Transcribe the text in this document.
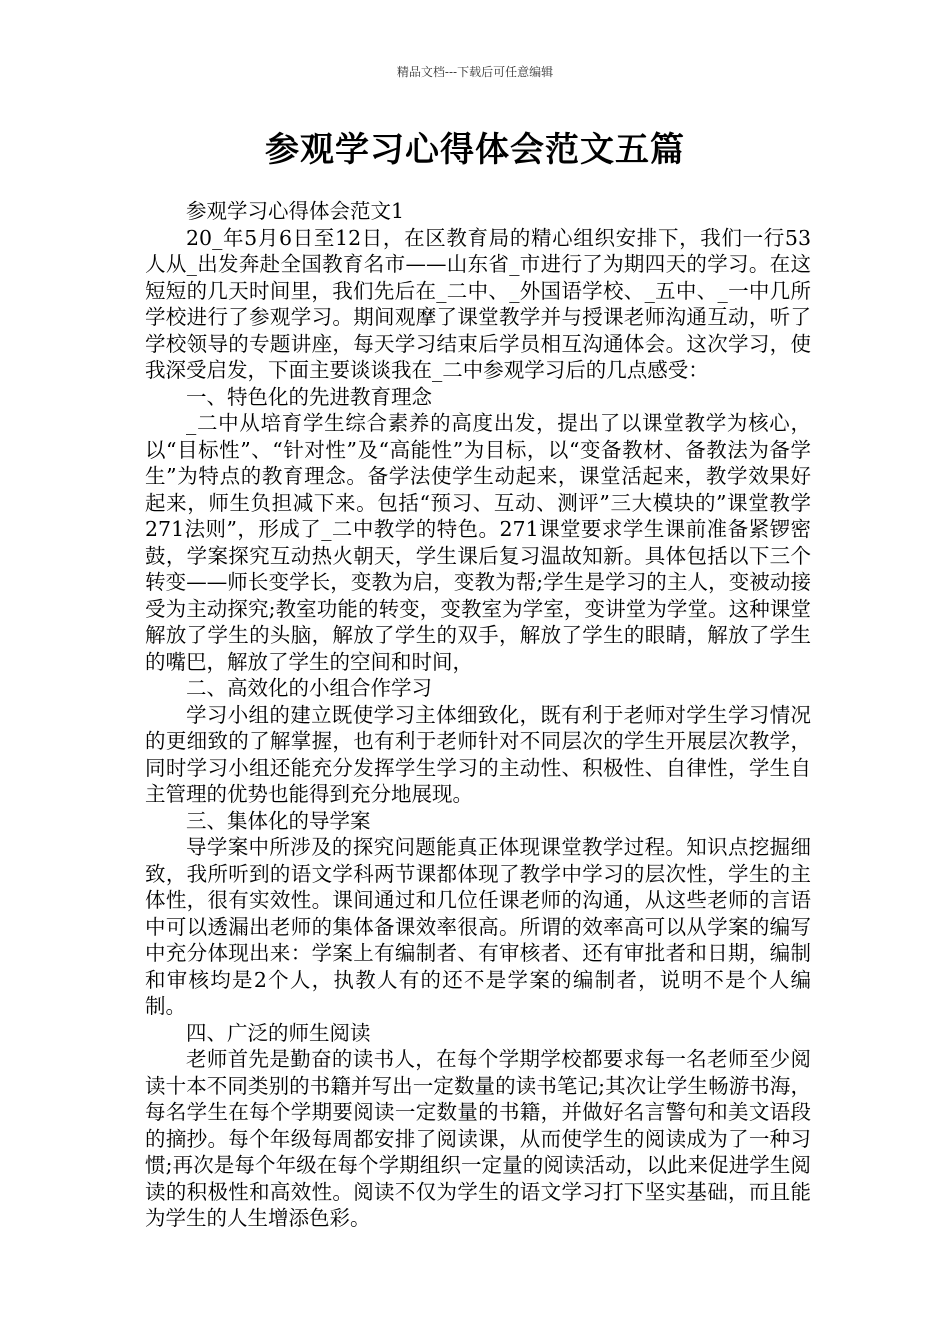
精品文档---下载后可任意编辑
参观学习心得体会范文五篇

参观学习心得体会范文1

20_年5月6日至12日，在区教育局的精心组织安排下，我们一行53人从_出发奔赴全国教育名市——山东省_市进行了为期四天的学习。在这短短的几天时间里，我们先后在_二中、_外国语学校、_五中、_一中几所学校进行了参观学习。期间观摩了课堂教学并与授课老师沟通互动，听了学校领导的专题讲座，每天学习结束后学员相互沟通体会。这次学习，使我深受启发，下面主要谈谈我在_二中参观学习后的几点感受：

一、特色化的先进教育理念

_二中从培育学生综合素养的高度出发，提出了以课堂教学为核心，以“目标性”、“针对性”及“高能性”为目标，以“变备教材、备教法为备学生”为特点的教育理念。备学法使学生动起来，课堂活起来，教学效果好起来，师生负担减下来。包括“预习、互动、测评”三大模块的”课堂教学271法则”，形成了_二中教学的特色。271课堂要求学生课前准备紧锣密鼓，学案探究互动热火朝天，学生课后复习温故知新。具体包括以下三个转变——师长变学长，变教为启，变教为帮;学生是学习的主人，变被动接受为主动探究;教室功能的转变，变教室为学室，变讲堂为学堂。这种课堂解放了学生的头脑，解放了学生的双手，解放了学生的眼睛，解放了学生的嘴巴，解放了学生的空间和时间，

二、高效化的小组合作学习

学习小组的建立既使学习主体细致化，既有利于老师对学生学习情况的更细致的了解掌握，也有利于老师针对不同层次的学生开展层次教学，同时学习小组还能充分发挥学生学习的主动性、积极性、自律性，学生自主管理的优势也能得到充分地展现。

三、集体化的导学案

导学案中所涉及的探究问题能真正体现课堂教学过程。知识点挖掘细致，我所听到的语文学科两节课都体现了教学中学习的层次性，学生的主体性，很有实效性。课间通过和几位任课老师的沟通，从这些老师的言语中可以透漏出老师的集体备课效率很高。所谓的效率高可以从学案的编写中充分体现出来：学案上有编制者、有审核者、还有审批者和日期，编制和审核均是2个人，执教人有的还不是学案的编制者，说明不是个人编制。

四、广泛的师生阅读

老师首先是勤奋的读书人，在每个学期学校都要求每一名老师至少阅读十本不同类别的书籍并写出一定数量的读书笔记;其次让学生畅游书海，每名学生在每个学期要阅读一定数量的书籍，并做好名言警句和美文语段的摘抄。每个年级每周都安排了阅读课，从而使学生的阅读成为了一种习惯;再次是每个年级在每个学期组织一定量的阅读活动，以此来促进学生阅读的积极性和高效性。阅读不仅为学生的语文学习打下坚实基础，而且能为学生的人生增添色彩。
